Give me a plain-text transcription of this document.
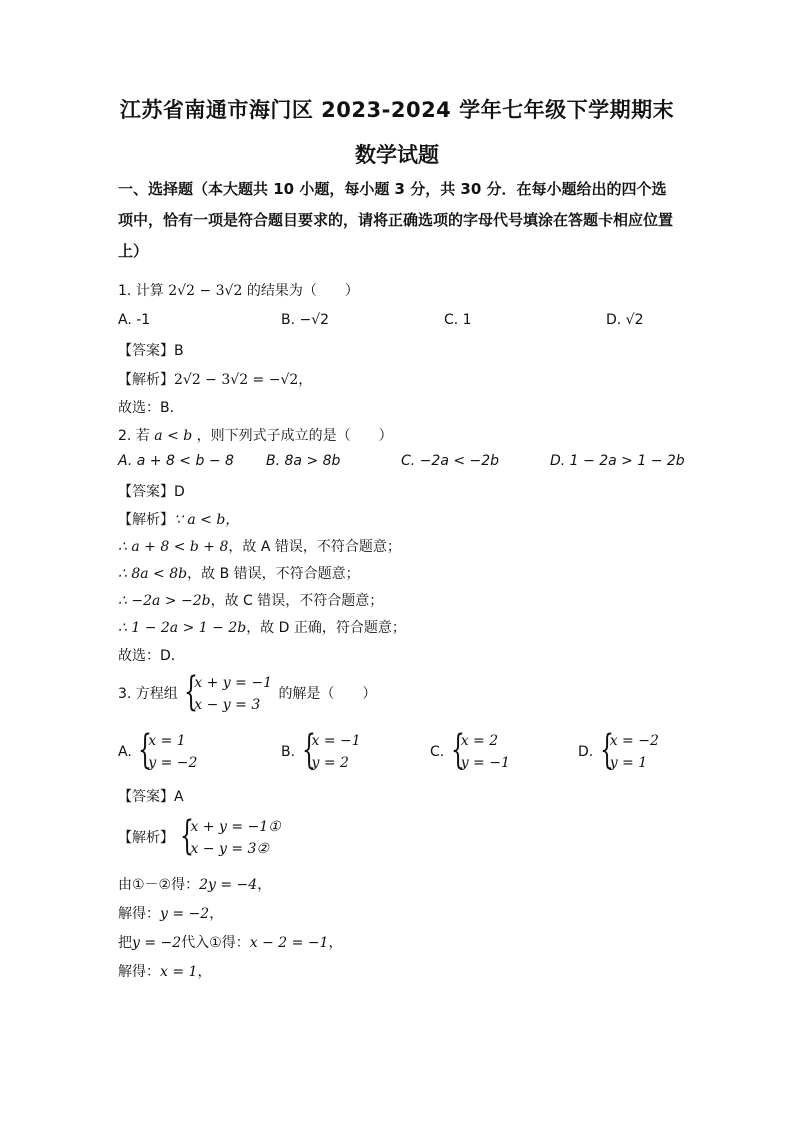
江苏省南通市海门区 2023-2024 学年七年级下学期期末
数学试题
一、选择题（本大题共 10 小题，每小题 3 分，共 30 分．在每小题给出的四个选项中，恰有一项是符合题目要求的，请将正确选项的字母代号填涂在答题卡相应位置上）
1. 计算 2√2 − 3√2 的结果为（　　）
A. -1	B. −√2	C. 1	D. √2
【答案】B
【解析】2√2 − 3√2 = −√2，
故选：B．
2. 若 a < b ，则下列式子成立的是（　　）
A. a + 8 < b − 8 B. 8a > 8b	C. −2a < −2b	D. 1 − 2a > 1 − 2b
【答案】D
【解析】∵ a < b，
∴ a + 8 < b + 8，故 A 错误，不符合题意；
∴ 8a < 8b，故 B 错误，不符合题意；
∴ −2a > −2b，故 C 错误，不符合题意；
∴ 1 − 2a > 1 − 2b，故 D 正确，符合题意；
故选：D．
3. 方程组 {
x + y = −1
x − y = 3
的解是（　　）
A. {
x = 1
y = −2
B. {
x = −1
y = 2
C. {
x = 2
y = −1
D. {
x = −2
y = 1
【答案】A
【解析】 {
x + y = −1①
x − y = 3②
由①－②得：2y = −4，
解得：y = −2，
把y = −2代入①得：x − 2 = −1，
解得：x = 1，
